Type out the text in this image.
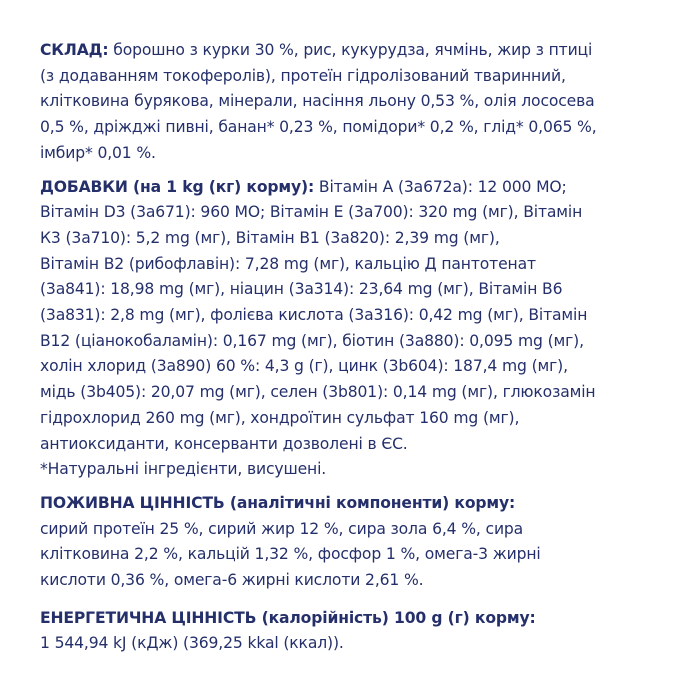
СКЛАД: борошно з курки 30 %, рис, кукурудза, ячмінь, жир з птиці
(з додаванням токоферолів), протеїн гідролізований тваринний,
клітковина бурякова, мінерали, насіння льону 0,53 %, олія лососева
0,5 %, дріжджі пивні, банан* 0,23 %, помідори* 0,2 %, глід* 0,065 %,
імбир* 0,01 %.

ДОБАВКИ (на 1 kg (кг) корму): Вітамін А (3а672а): 12 000 МО;
Вітамін D3 (3а671): 960 МО; Вітамін Е (3а700): 320 mg (мг), Вітамін
К3 (3а710): 5,2 mg (мг), Вітамін В1 (3а820): 2,39 mg (мг),
Вітамін В2 (рибофлавін): 7,28 mg (мг), кальцію Д пантотенат
(3а841): 18,98 mg (мг), ніацин (3а314): 23,64 mg (мг), Вітамін В6
(3а831): 2,8 mg (мг), фолієва кислота (3а316): 0,42 mg (мг), Вітамін
В12 (ціанокобаламін): 0,167 mg (мг), біотин (3а880): 0,095 mg (мг),
холін хлорид (3а890) 60 %: 4,3 g (г), цинк (3b604): 187,4 mg (мг),
мідь (3b405): 20,07 mg (мг), селен (3b801): 0,14 mg (мг), глюкозамін
гідрохлорид 260 mg (мг), хондроїтин сульфат 160 mg (мг),
антиоксиданти, консерванти дозволені в ЄС.
*Натуральні інгредієнти, висушені.

ПОЖИВНА ЦІННІСТЬ (аналітичні компоненти) корму:
сирий протеїн 25 %, сирий жир 12 %, сира зола 6,4 %, сира
клітковина 2,2 %, кальцій 1,32 %, фосфор 1 %, омега-3 жирні
кислоти 0,36 %, омега-6 жирні кислоти 2,61 %.

ЕНЕРГЕТИЧНА ЦІННІСТЬ (калорійність) 100 g (г) корму:
1 544,94 kJ (кДж) (369,25 kkal (ккал)).
